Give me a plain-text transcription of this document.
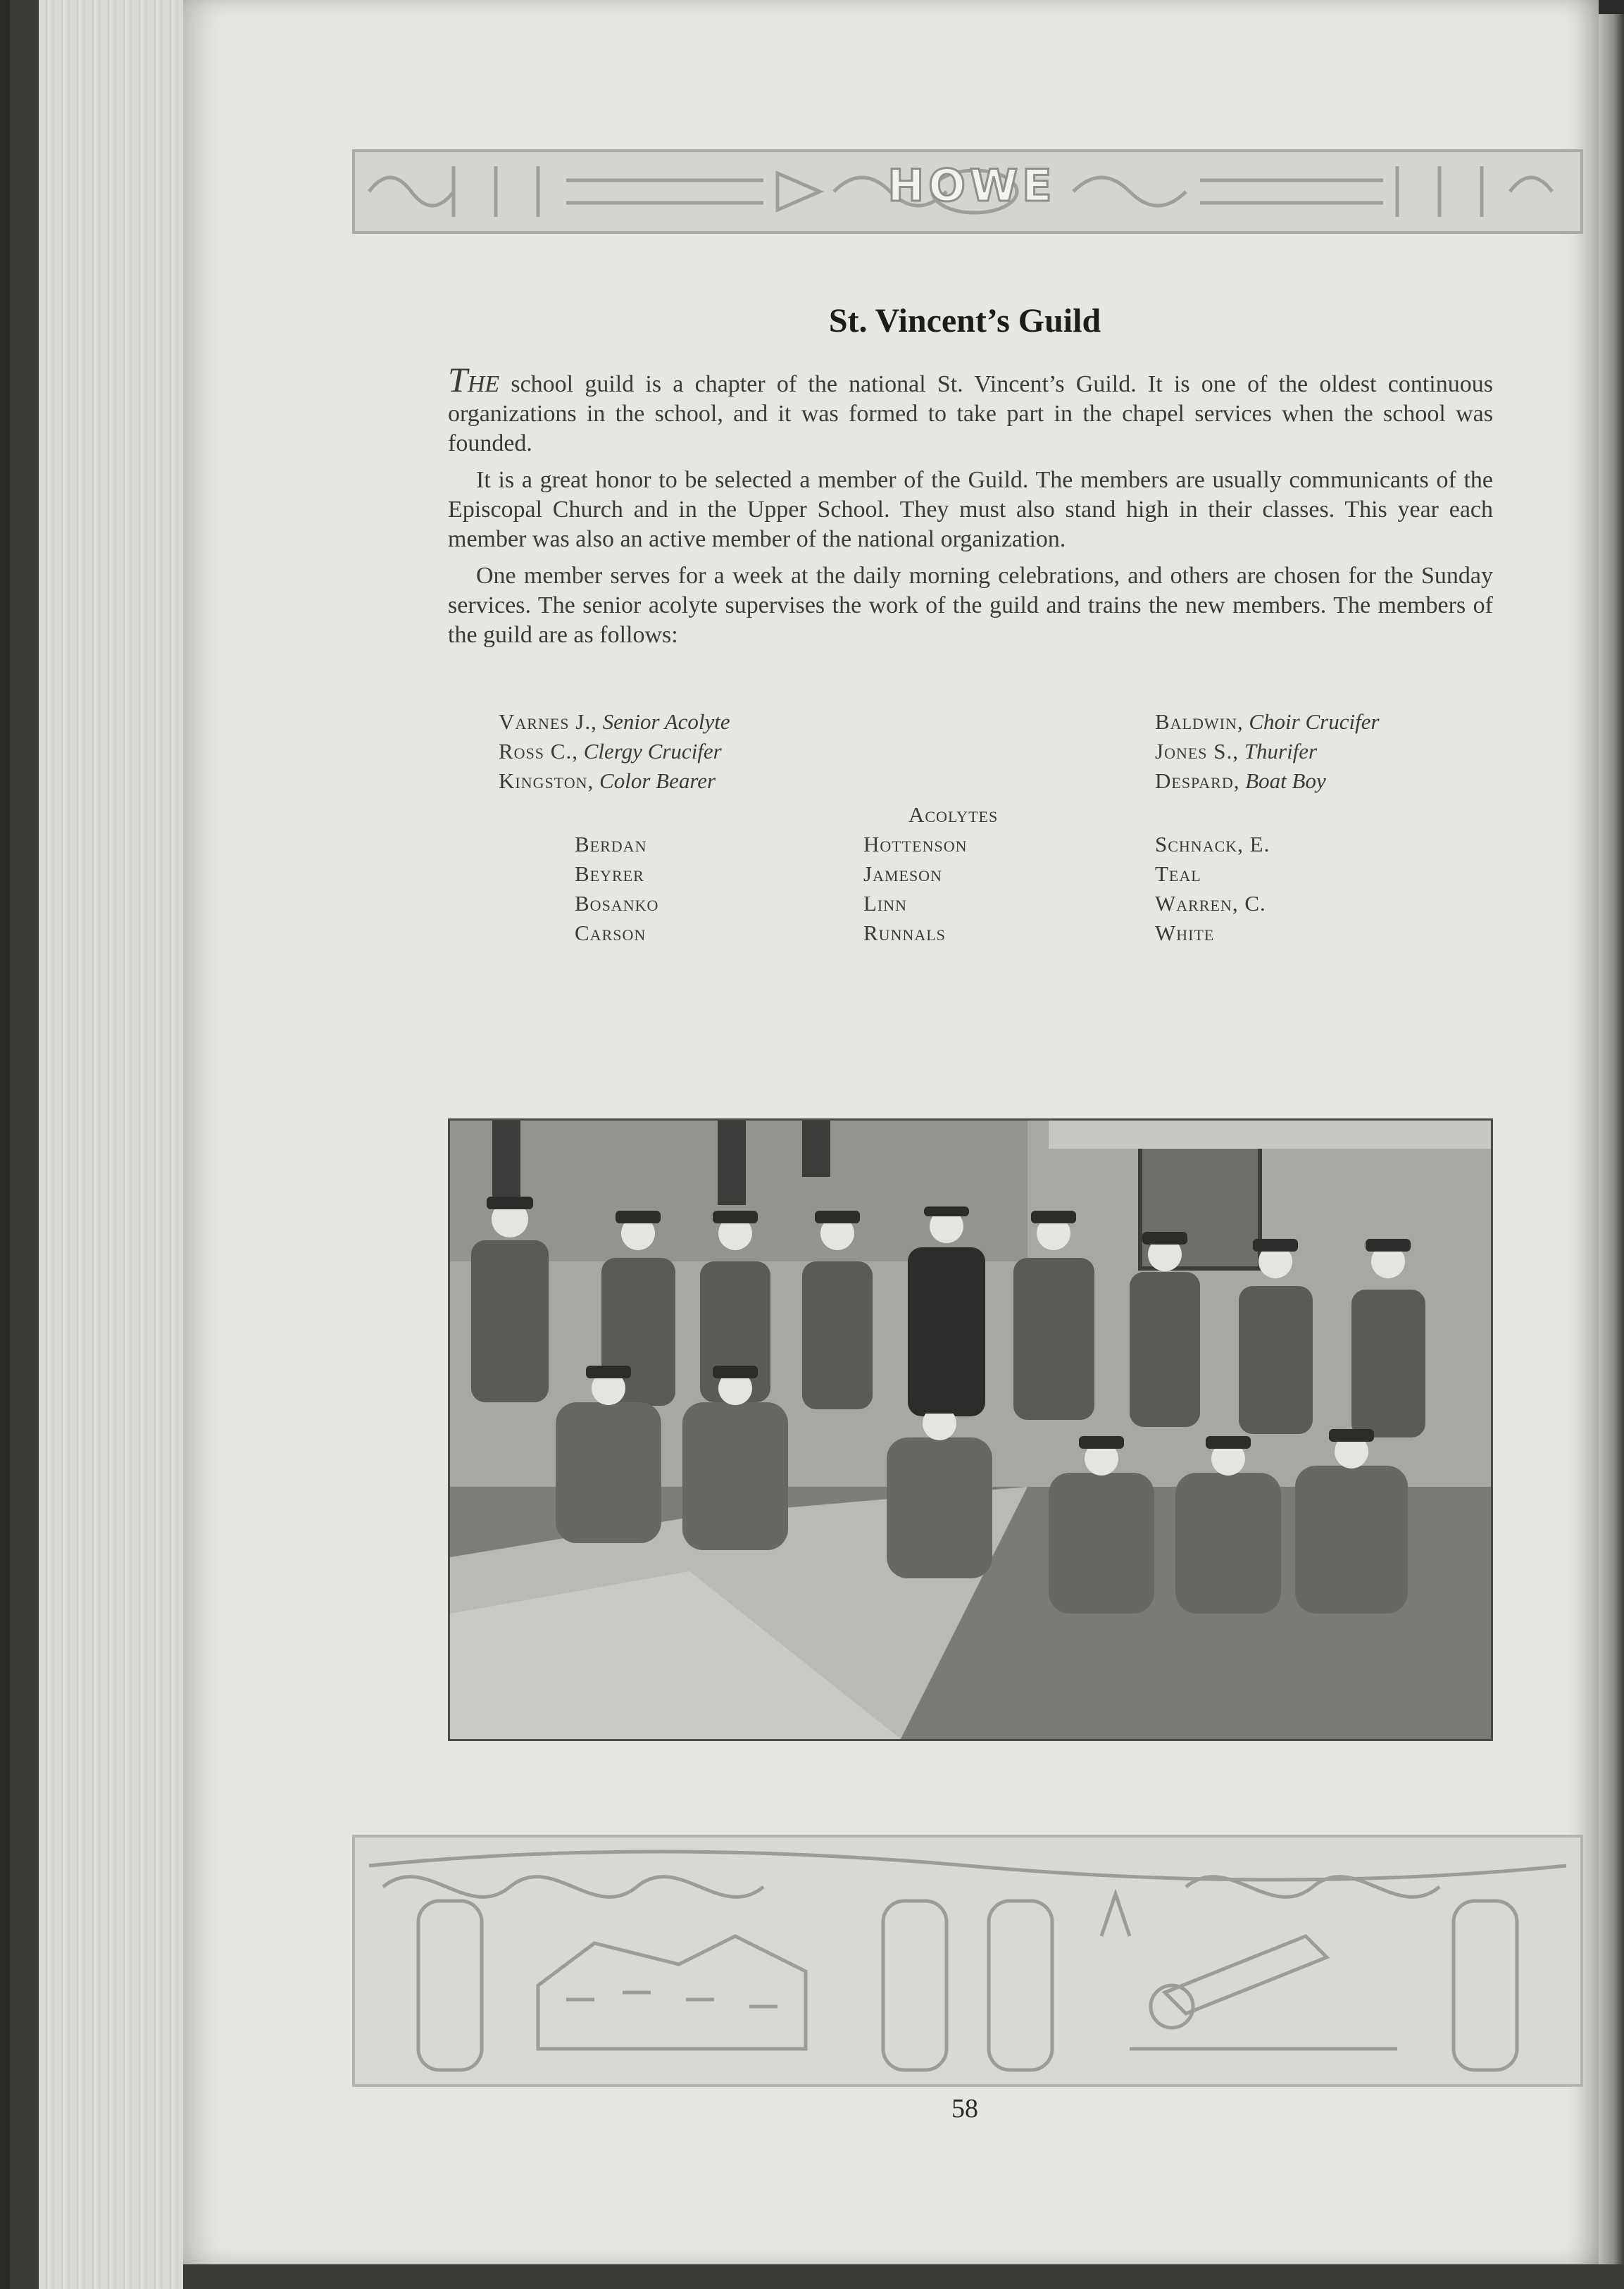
HOWE
St. Vincent’s Guild

THE school guild is a chapter of the national St. Vincent’s Guild. It is one of the oldest continuous organizations in the school, and it was formed to take part in the chapel services when the school was founded.

It is a great honor to be selected a member of the Guild. The members are usually communicants of the Episcopal Church and in the Upper School. They must also stand high in their classes. This year each member was also an active member of the national organization.

One member serves for a week at the daily morning celebrations, and others are chosen for the Sunday services. The senior acolyte supervises the work of the guild and trains the new members. The members of the guild are as follows:

Varnes J., Senior Acolyte
Ross C., Clergy Crucifer
Kingston, Color Bearer
Baldwin, Choir Crucifer
Jones S., Thurifer
Despard, Boat Boy
Acolytes
Berdan
Beyrer
Bosanko
Carson
Hottenson
Jameson
Linn
Runnals
Schnack, E.
Teal
Warren, C.
White
58
